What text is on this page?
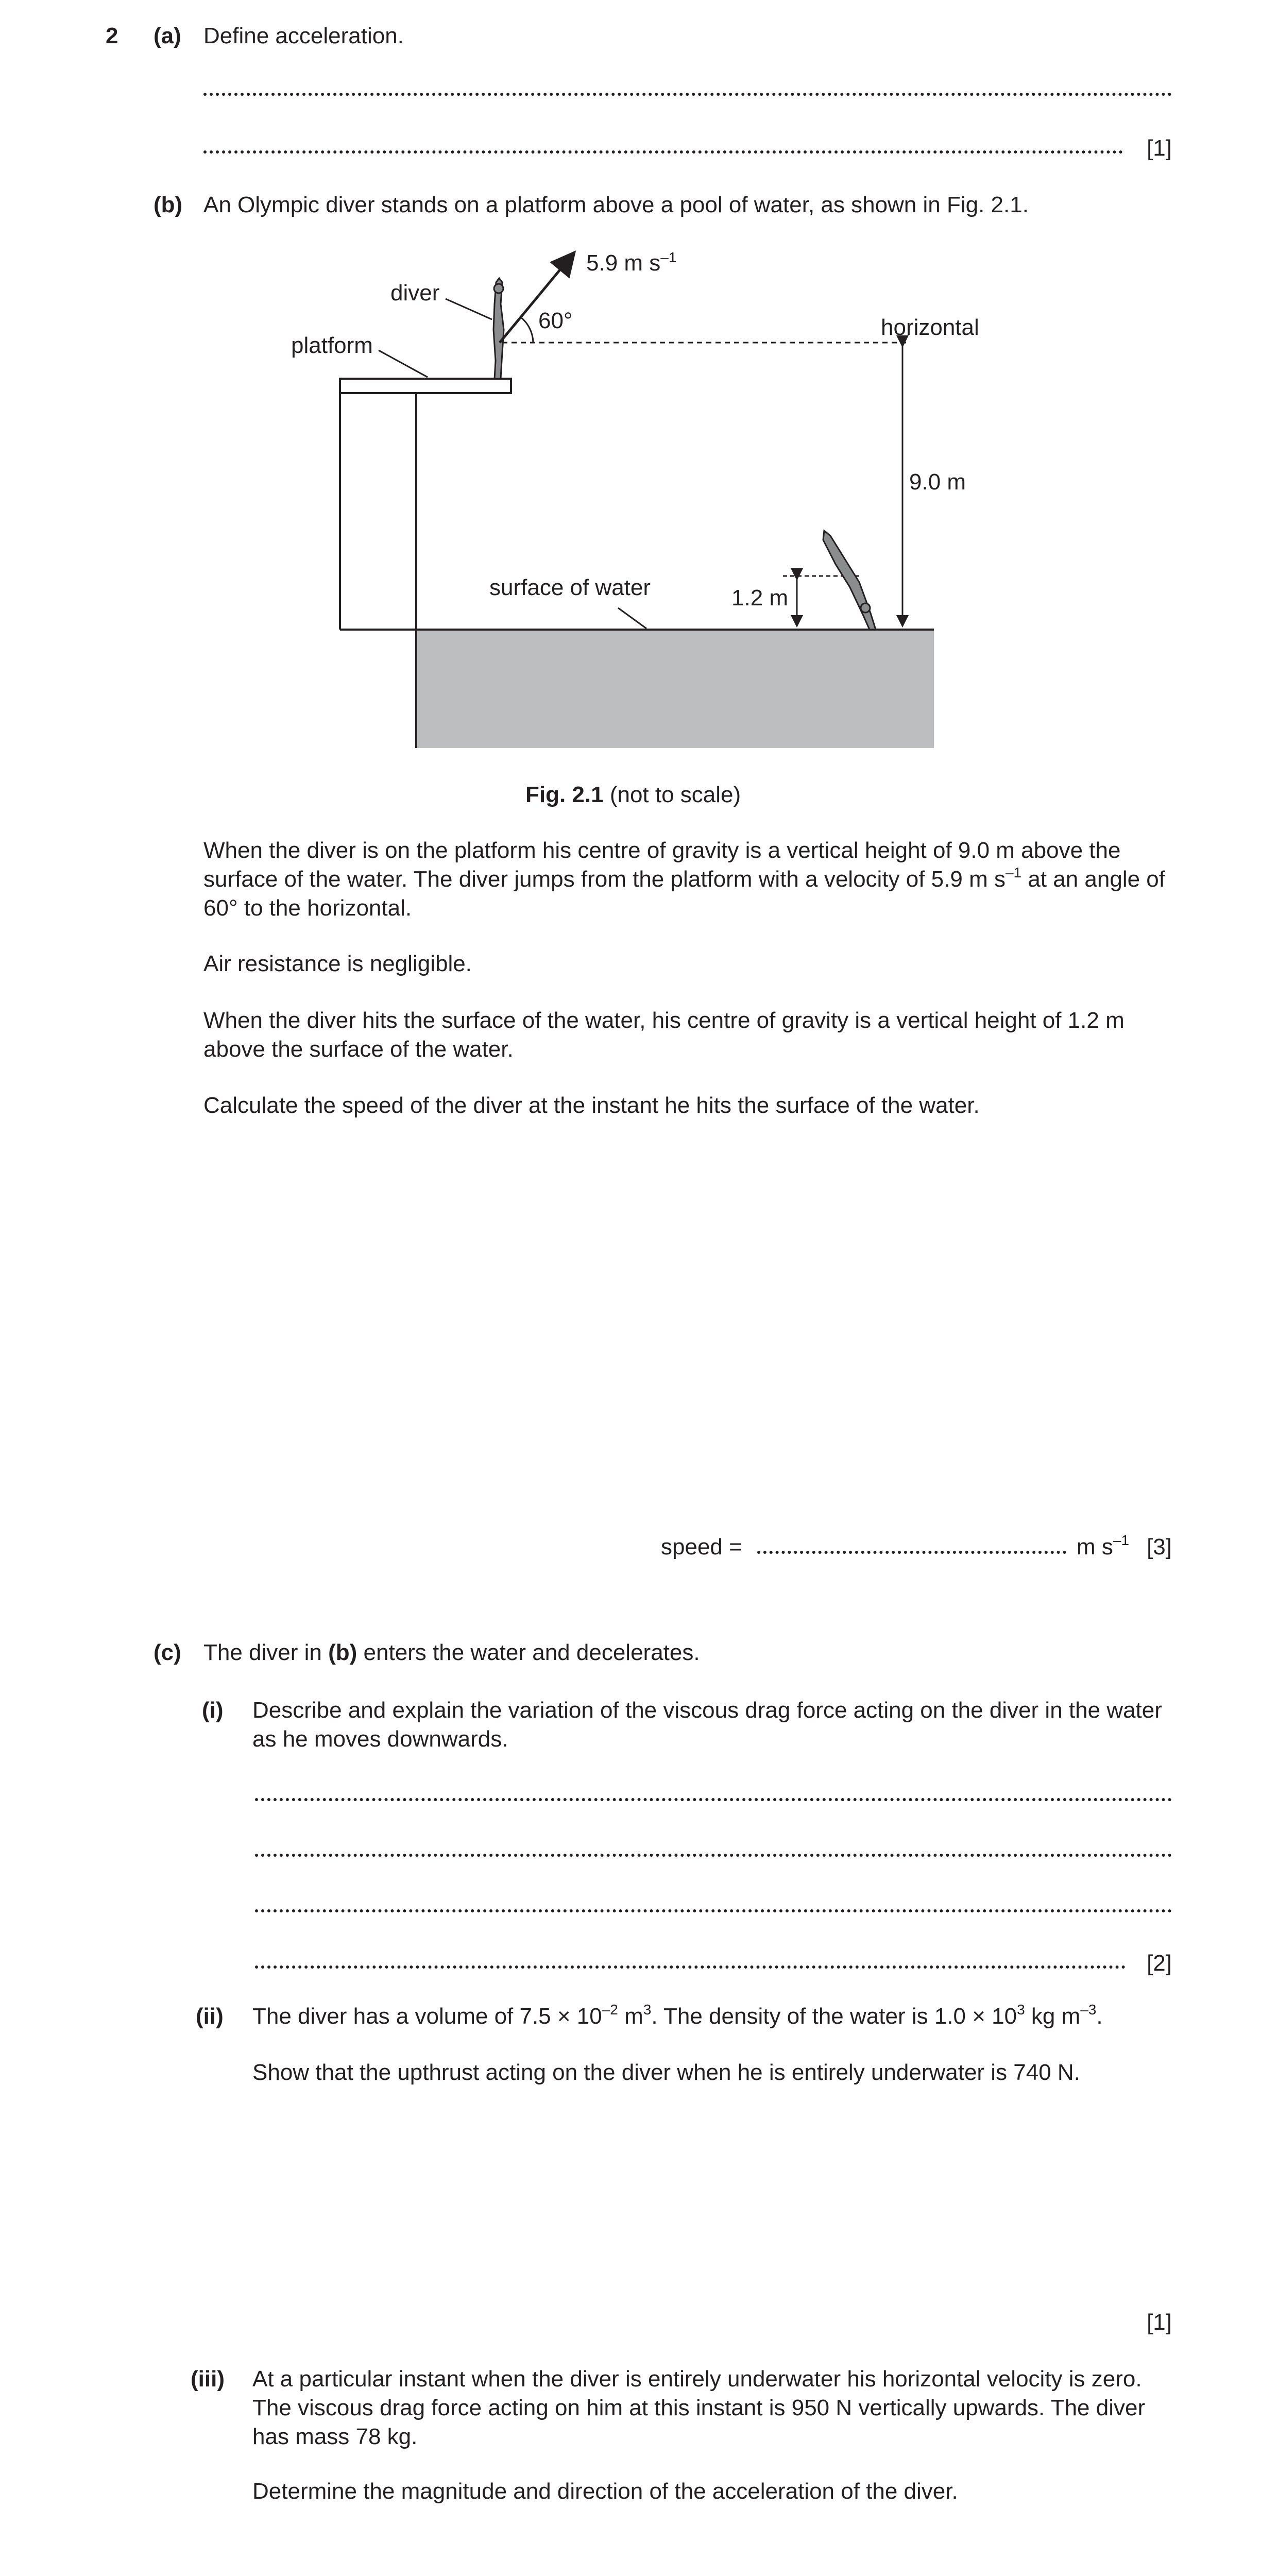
2 (a) Define acceleration.
[1]
(b) An Olympic diver stands on a platform above a pool of water, as shown in Fig. 2.1.
5.9 m $s^{-1}$
diver
60°	horizontal
platform
9.0 m
surface of water	1.2 m
Fig. 2.1 (not to scale)
When the diver is on the platform his centre of gravity is a vertical height of 9.0 m above the surface of the water. The diver jumps from the platform with a velocity of 5.9 m $s^{-1}$ at an angle of 60° to the horizontal.
Air resistance is negligible.
When the diver hits the surface of the water, his centre of gravity is a vertical height of 1.2 m above the surface of the water.
Calculate the speed of the diver at the instant he hits the surface of the water.
speed =	m $s^{-1}$ [3]
(c) The diver in (b) enters the water and decelerates.
(i) Describe and explain the variation of the viscous drag force acting on the diver in the water as he moves downwards.
[2]
(ii) The diver has a volume of $7.5 \times 10^{-2}$ $m^3$. The density of the water is $1.0 \times 10^3$ kg $m^{-3}$.
Show that the upthrust acting on the diver when he is entirely underwater is 740 N.
[1]
(iii) At a particular instant when the diver is entirely underwater his horizontal velocity is zero. The viscous drag force acting on him at this instant is 950 N vertically upwards. The diver has mass 78 kg.
Determine the magnitude and direction of the acceleration of the diver.
